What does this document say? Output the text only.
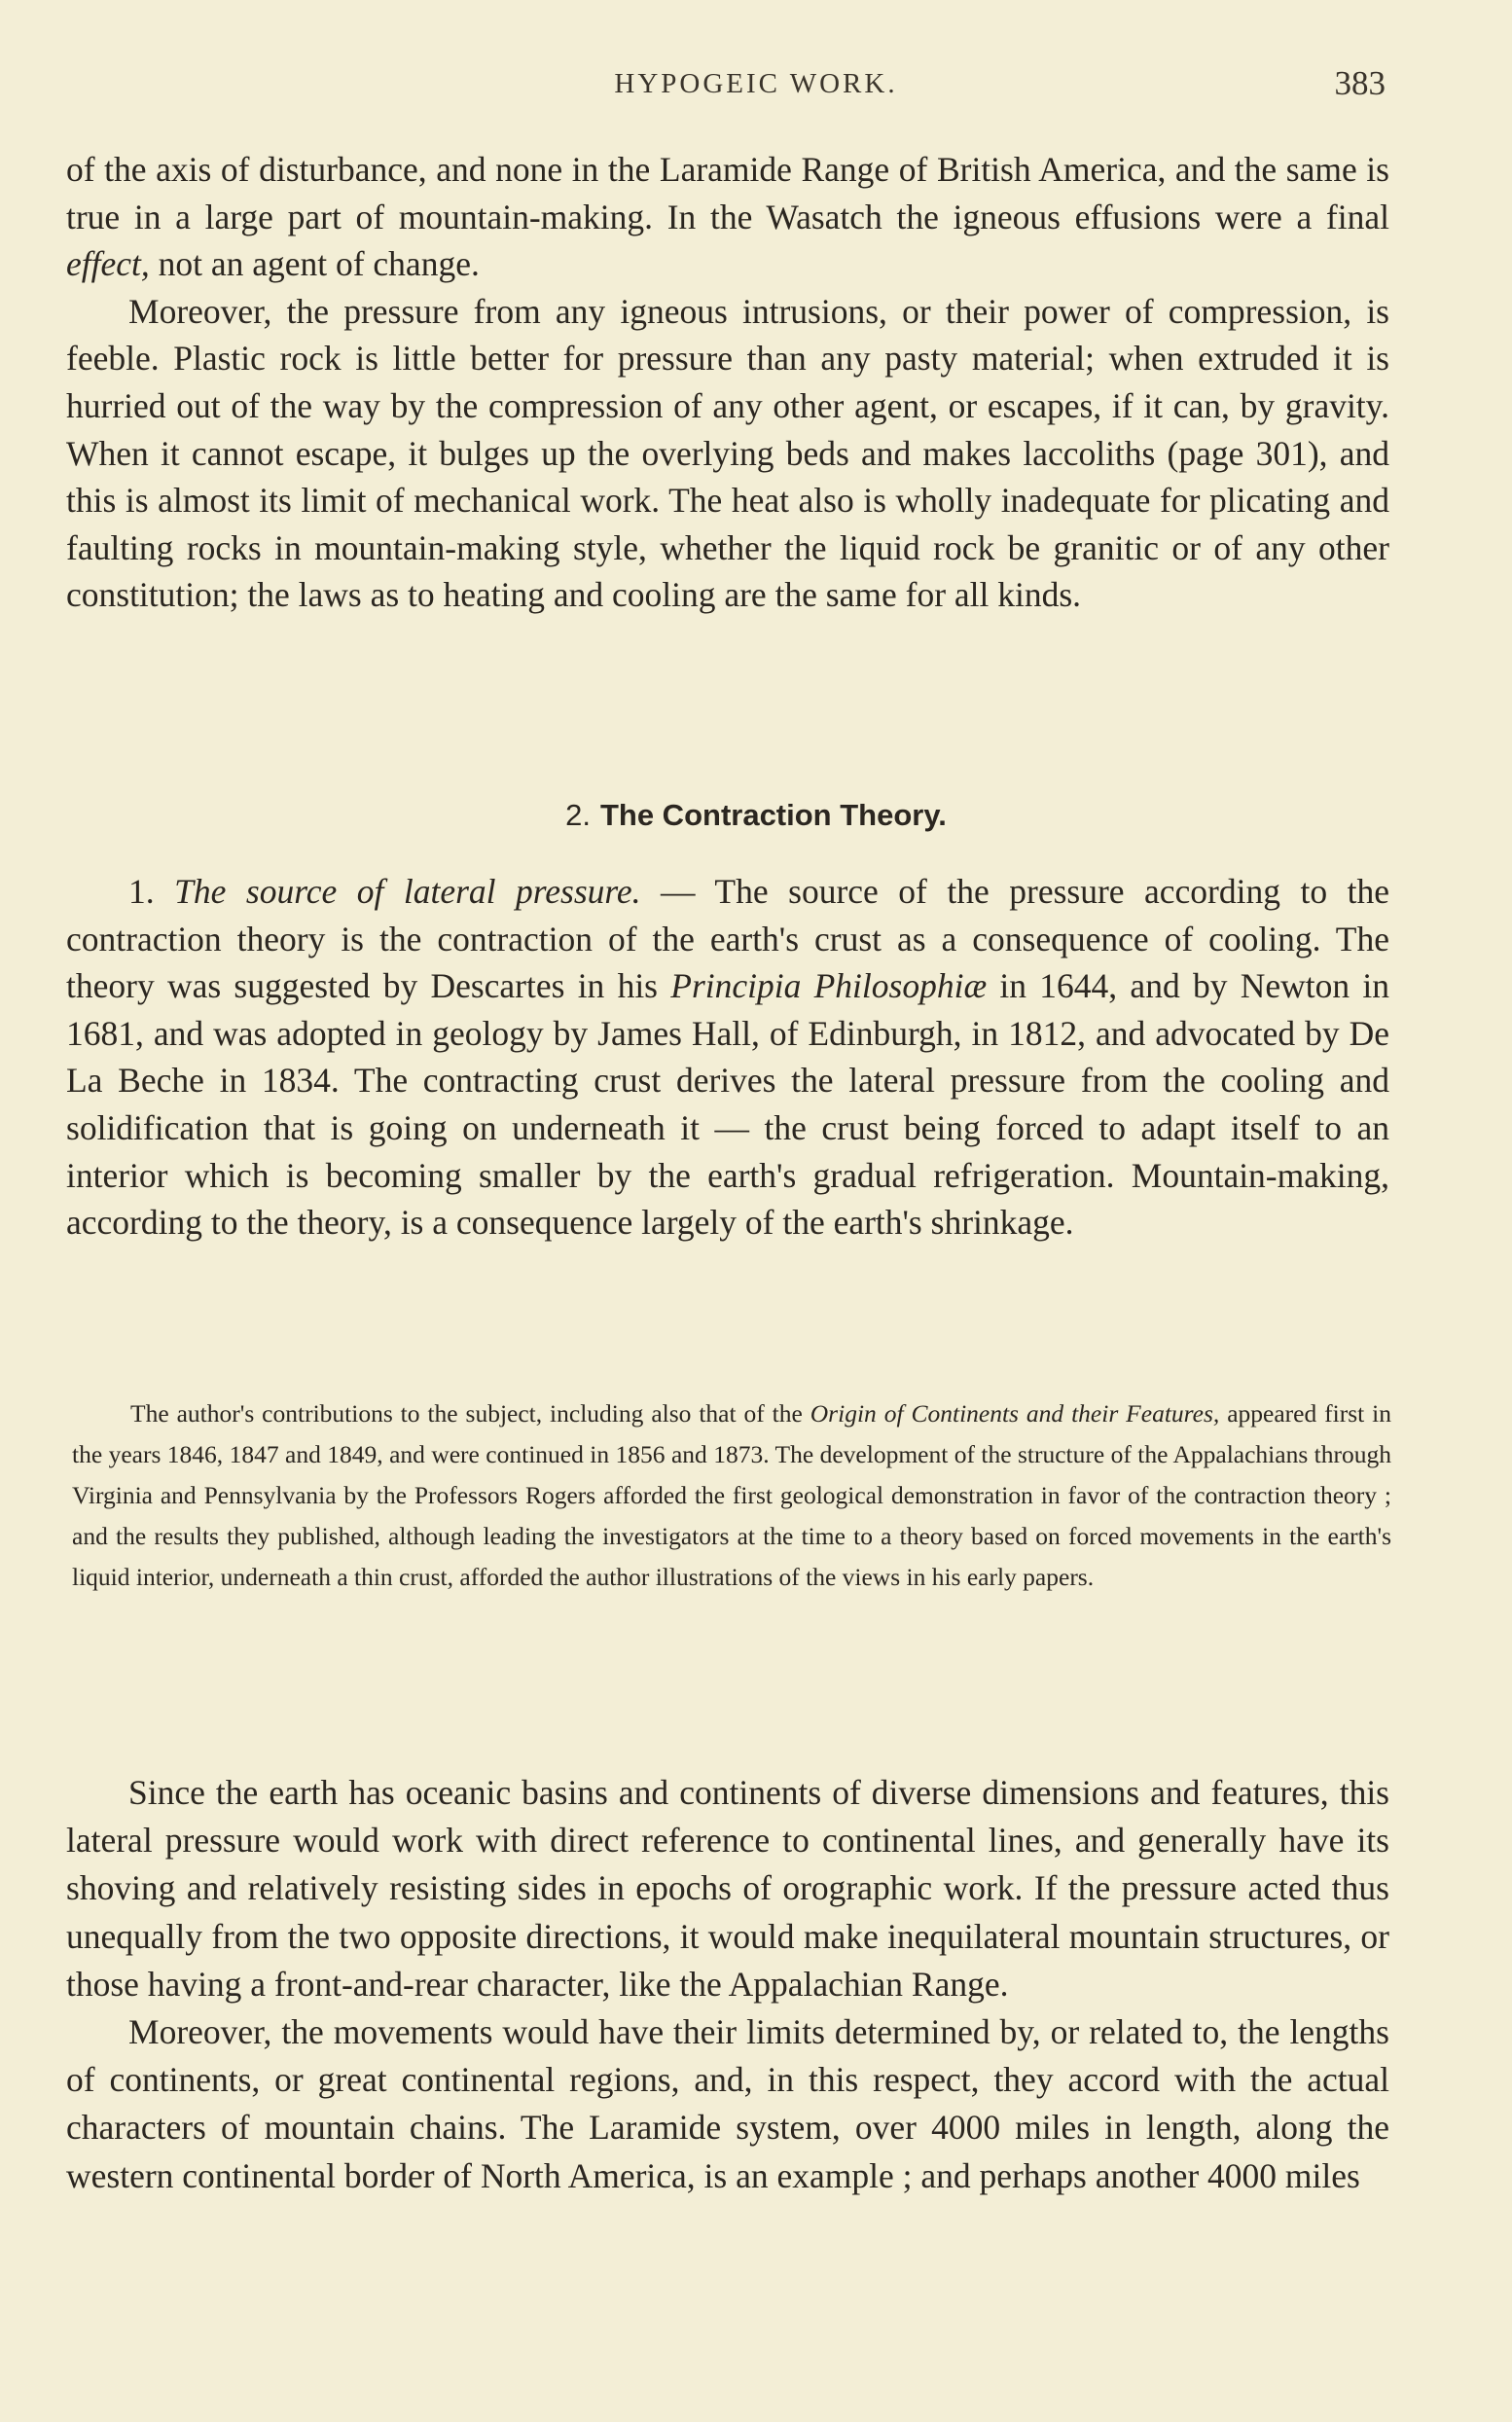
HYPOGEIC WORK.	383

of the axis of disturbance, and none in the Laramide Range of British America, and the same is true in a large part of mountain-making. In the Wasatch the igneous effusions were a final effect, not an agent of change.

Moreover, the pressure from any igneous intrusions, or their power of compression, is feeble. Plastic rock is little better for pressure than any pasty material; when extruded it is hurried out of the way by the compression of any other agent, or escapes, if it can, by gravity. When it cannot escape, it bulges up the overlying beds and makes laccoliths (page 301), and this is almost its limit of mechanical work. The heat also is wholly inadequate for plicating and faulting rocks in mountain-making style, whether the liquid rock be granitic or of any other constitution; the laws as to heating and cooling are the same for all kinds.

2. The Contraction Theory.

1. The source of lateral pressure. — The source of the pressure according to the contraction theory is the contraction of the earth's crust as a consequence of cooling. The theory was suggested by Descartes in his Principia Philosophiæ in 1644, and by Newton in 1681, and was adopted in geology by James Hall, of Edinburgh, in 1812, and advocated by De La Beche in 1834. The contracting crust derives the lateral pressure from the cooling and solidification that is going on underneath it — the crust being forced to adapt itself to an interior which is becoming smaller by the earth's gradual refrigeration. Mountain-making, according to the theory, is a consequence largely of the earth's shrinkage.

The author's contributions to the subject, including also that of the Origin of Continents and their Features, appeared first in the years 1846, 1847 and 1849, and were continued in 1856 and 1873. The development of the structure of the Appalachians through Virginia and Pennsylvania by the Professors Rogers afforded the first geological demonstration in favor of the contraction theory ; and the results they published, although leading the investigators at the time to a theory based on forced movements in the earth's liquid interior, underneath a thin crust, afforded the author illustrations of the views in his early papers.

Since the earth has oceanic basins and continents of diverse dimensions and features, this lateral pressure would work with direct reference to continental lines, and generally have its shoving and relatively resisting sides in epochs of orographic work. If the pressure acted thus unequally from the two opposite directions, it would make inequilateral mountain structures, or those having a front-and-rear character, like the Appalachian Range.

Moreover, the movements would have their limits determined by, or related to, the lengths of continents, or great continental regions, and, in this respect, they accord with the actual characters of mountain chains. The Laramide system, over 4000 miles in length, along the western continental border of North America, is an example ; and perhaps another 4000 miles
